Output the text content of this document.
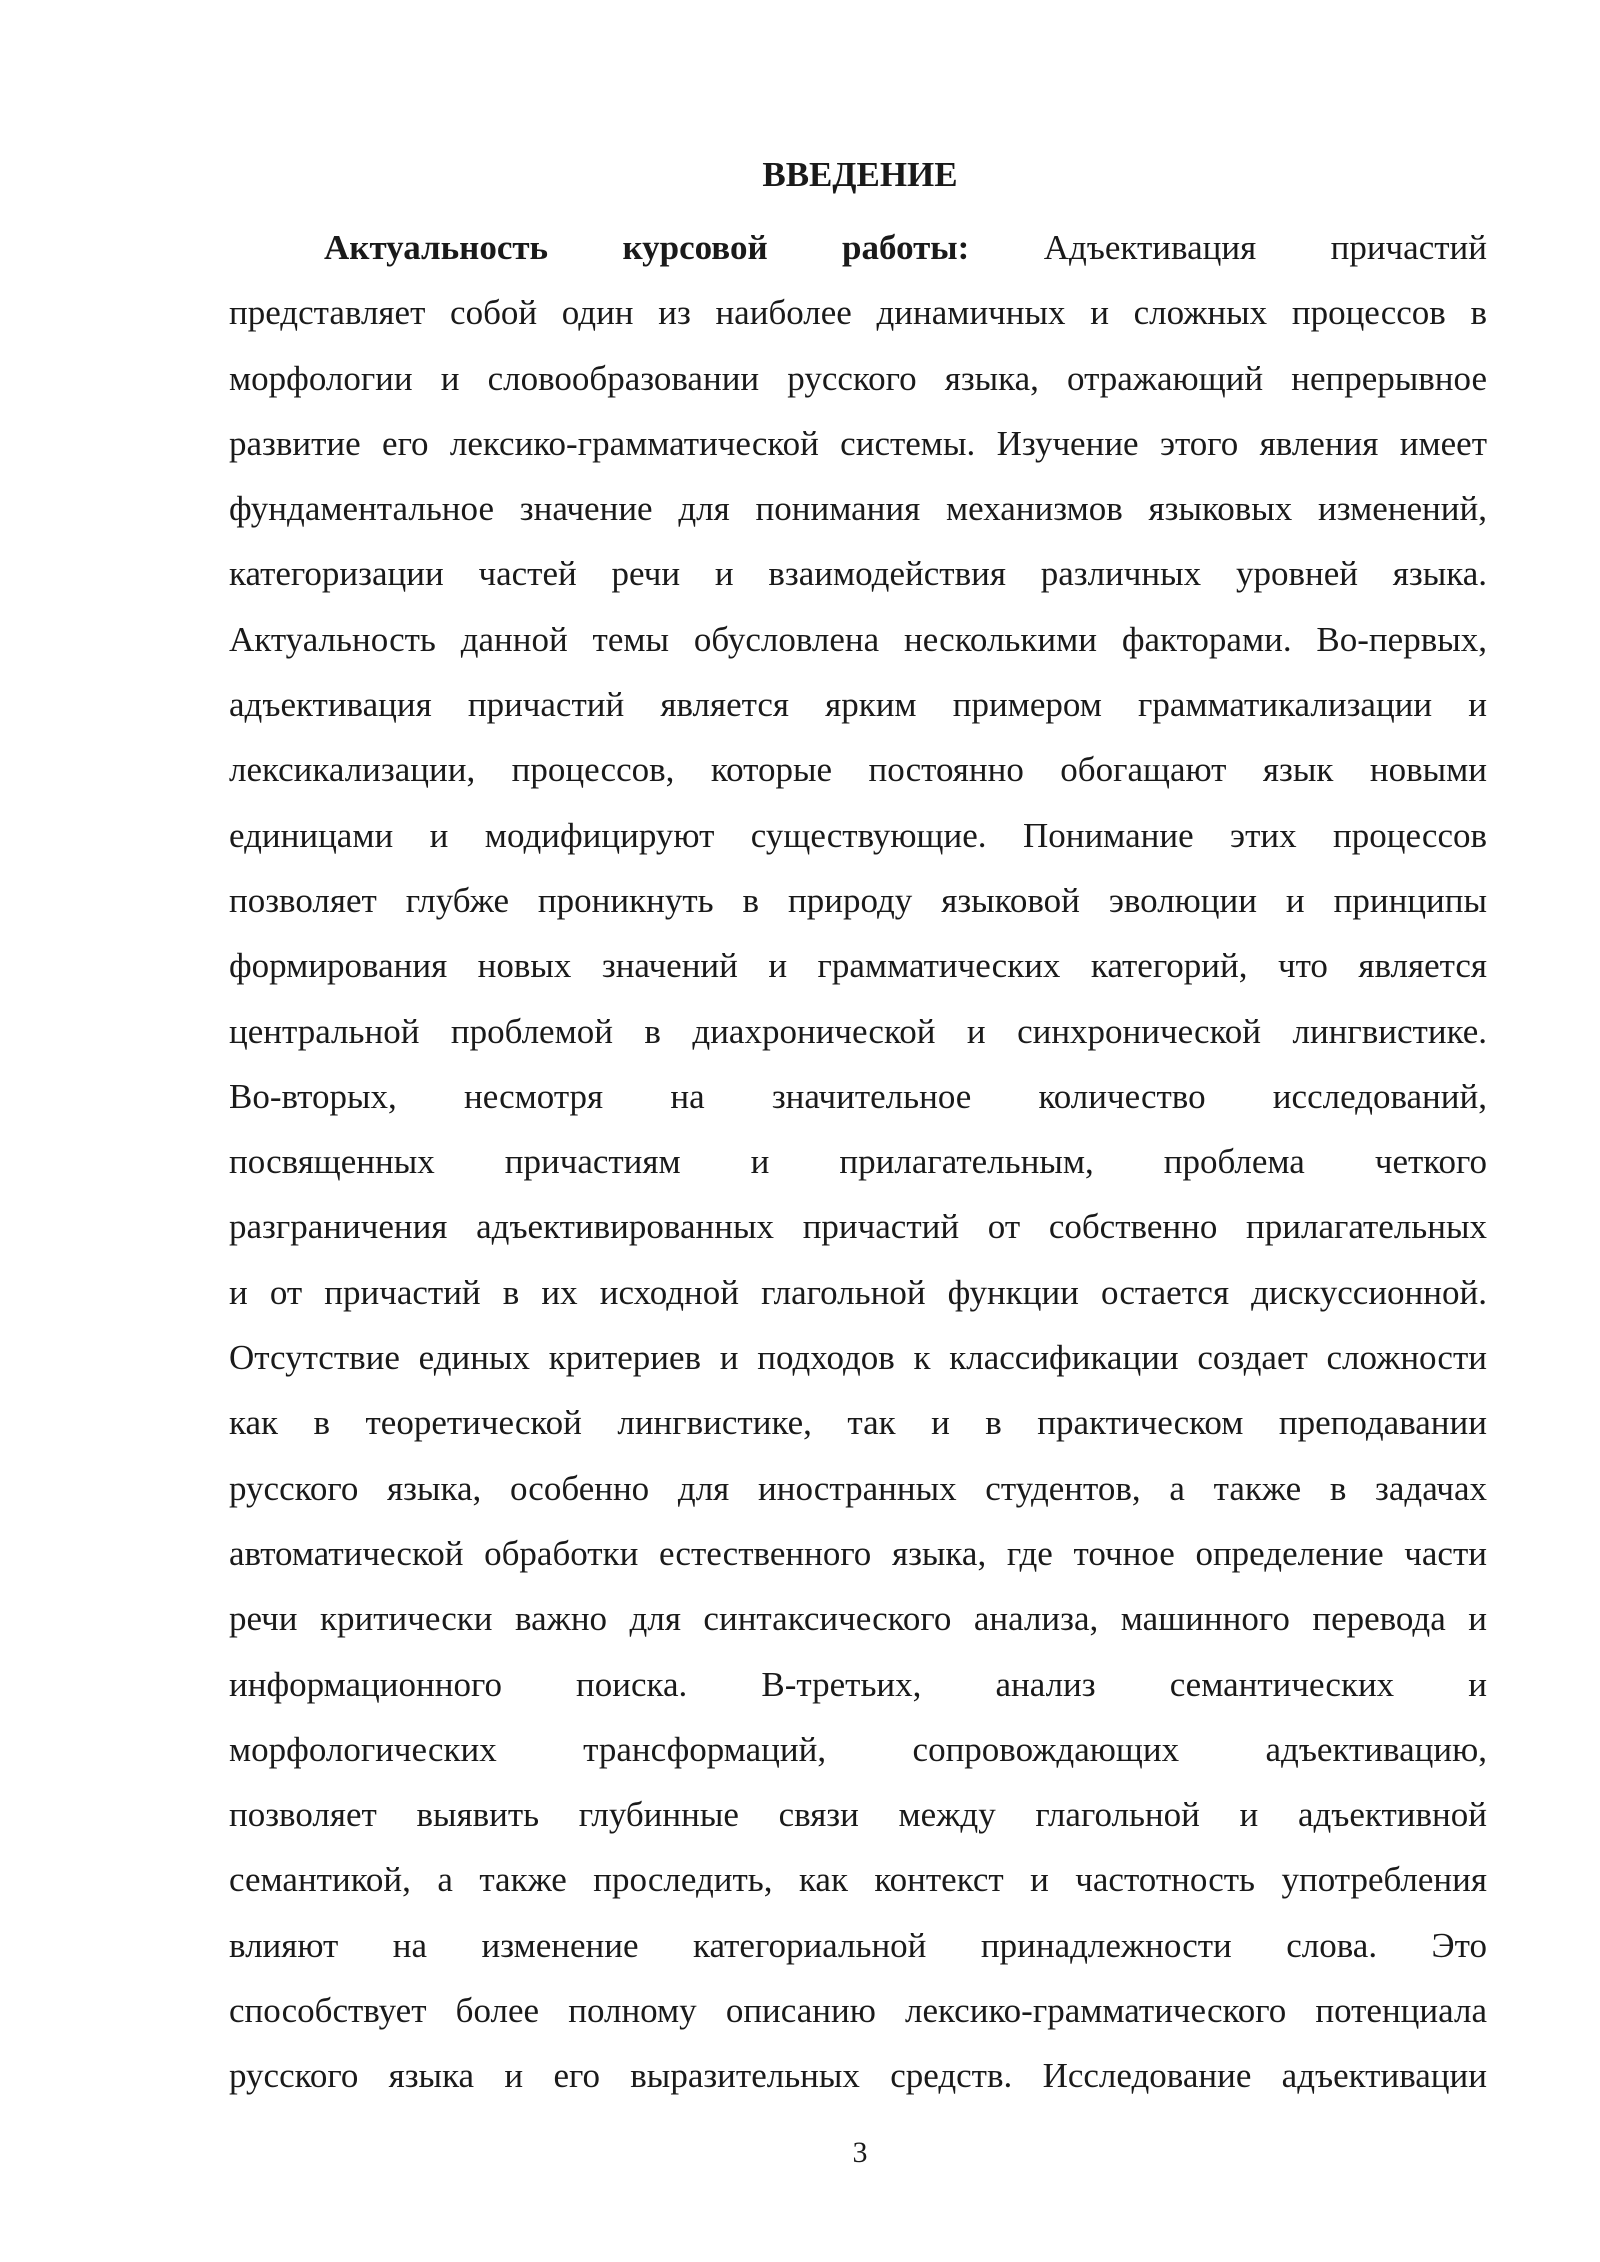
ВВЕДЕНИЕ
Актуальность курсовой работы: Адъективация причастий
представляет собой один из наиболее динамичных и сложных процессов в
морфологии и словообразовании русского языка, отражающий непрерывное
развитие его лексико-грамматической системы. Изучение этого явления имеет
фундаментальное значение для понимания механизмов языковых изменений,
категоризации частей речи и взаимодействия различных уровней языка.
Актуальность данной темы обусловлена несколькими факторами. Во-первых,
адъективация причастий является ярким примером грамматикализации и
лексикализации, процессов, которые постоянно обогащают язык новыми
единицами и модифицируют существующие. Понимание этих процессов
позволяет глубже проникнуть в природу языковой эволюции и принципы
формирования новых значений и грамматических категорий, что является
центральной проблемой в диахронической и синхронической лингвистике.
Во-вторых, несмотря на значительное количество исследований,
посвященных причастиям и прилагательным, проблема четкого
разграничения адъективированных причастий от собственно прилагательных
и от причастий в их исходной глагольной функции остается дискуссионной.
Отсутствие единых критериев и подходов к классификации создает сложности
как в теоретической лингвистике, так и в практическом преподавании
русского языка, особенно для иностранных студентов, а также в задачах
автоматической обработки естественного языка, где точное определение части
речи критически важно для синтаксического анализа, машинного перевода и
информационного поиска. В-третьих, анализ семантических и
морфологических трансформаций, сопровождающих адъективацию,
позволяет выявить глубинные связи между глагольной и адъективной
семантикой, а также проследить, как контекст и частотность употребления
влияют на изменение категориальной принадлежности слова. Это
способствует более полному описанию лексико-грамматического потенциала
русского языка и его выразительных средств. Исследование адъективации
3
